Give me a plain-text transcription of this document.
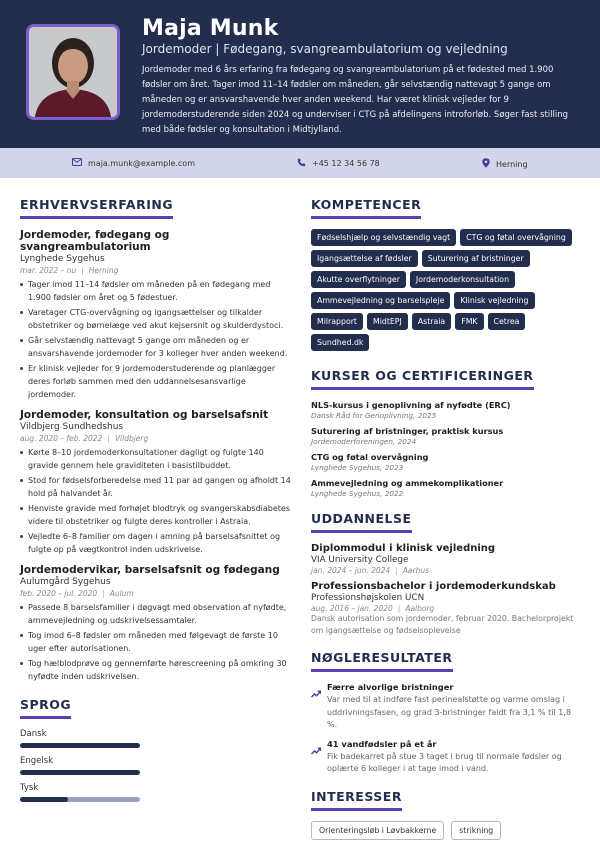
Maja Munk
Jordemoder | Fødegang, svangreambulatorium og vejledning
Jordemoder med 6 års erfaring fra fødegang og svangreambulatorium på et fødested med 1.900 fødsler om året. Tager imod 11–14 fødsler om måneden, går selvstændig nattevagt 5 gange om måneden og er ansvarshavende hver anden weekend. Har været klinisk vejleder for 9 jordemoderstuderende siden 2024 og underviser i CTG på afdelingens introforløb. Søger fast stilling med både fødsler og konsultation i Midtjylland.
maja.munk@example.com	+45 12 34 56 78	Herning
ERHVERVSERFARING
Jordemoder, fødegang og svangreambulatorium
Lynghede Sygehus
mar. 2022 – nu | Herning
Tager imod 11–14 fødsler om måneden på en fødegang med 1.900 fødsler om året og 5 fødestuer.
Varetager CTG-overvågning og igangsættelser og tilkalder obstetriker og børnelæge ved akut kejsersnit og skulderdystoci.
Går selvstændig nattevagt 5 gange om måneden og er ansvarshavende jordemoder for 3 kolleger hver anden weekend.
Er klinisk vejleder for 9 jordemoderstuderende og planlægger deres forløb sammen med den uddannelsesansvarlige jordemoder.
Jordemoder, konsultation og barselsafsnit
Vildbjerg Sundhedshus
aug. 2020 – feb. 2022 | Vildbjerg
Kørte 8–10 jordemoderkonsultationer dagligt og fulgte 140 gravide gennem hele graviditeten i basistilbuddet.
Stod for fødselsforberedelse med 11 par ad gangen og afholdt 14 hold på halvandet år.
Henviste gravide med forhøjet blodtryk og svangerskabsdiabetes videre til obstetriker og fulgte deres kontroller i Astraia.
Vejledte 6–8 familier om dagen i amning på barselsafsnittet og fulgte op på vægtkontrol inden udskrivelse.
Jordemodervikar, barselsafsnit og fødegang
Aulumgård Sygehus
feb. 2020 – jul. 2020 | Aulum
Passede 8 barselsfamilier i døgvagt med observation af nyfødte, ammevejledning og udskrivelsessamtaler.
Tog imod 6–8 fødsler om måneden med følgevagt de første 10 uger efter autorisationen.
Tog hælblodprøve og gennemførte hørescreening på omkring 30 nyfødte inden udskrivelsen.
SPROG
Dansk
Engelsk
Tysk
KOMPETENCER
Fødselshjælp og selvstændig vagt	CTG og føtal overvågning
Igangsættelse af fødsler	Suturering af bristninger
Akutte overflytninger	Jordemoderkonsultation
Ammevejledning og barselspleje	Klinisk vejledning
Milrapport	MidtEPJ	Astraia	FMK	Cetrea
Sundhed.dk
KURSER OG CERTIFICERINGER
NLS-kursus i genoplivning af nyfødte (ERC)
Dansk Råd for Genoplivning, 2025
Suturering af bristninger, praktisk kursus
Jordemoderforeningen, 2024
CTG og føtal overvågning
Lynghede Sygehus, 2023
Ammevejledning og ammekomplikationer
Lynghede Sygehus, 2022
UDDANNELSE
Diplommodul i klinisk vejledning
VIA University College
jan. 2024 – jun. 2024 | Aarhus
Professionsbachelor i jordemoderkundskab
Professionshøjskolen UCN
aug. 2016 – jan. 2020 | Aalborg
Dansk autorisation som jordemoder, februar 2020. Bachelorprojekt om igangsættelse og fødselsoplevelse
NØGLERESULTATER
Færre alvorlige bristninger
Var med til at indføre fast perinealstøtte og varme omslag i uddrivningsfasen, og grad 3-bristninger faldt fra 3,1 % til 1,8 %.
41 vandfødsler på et år
Fik badekarret på stue 3 taget i brug til normale fødsler og oplærte 6 kolleger i at tage imod i vand.
INTERESSER
Orienteringsløb i Løvbakkerne	strikning
